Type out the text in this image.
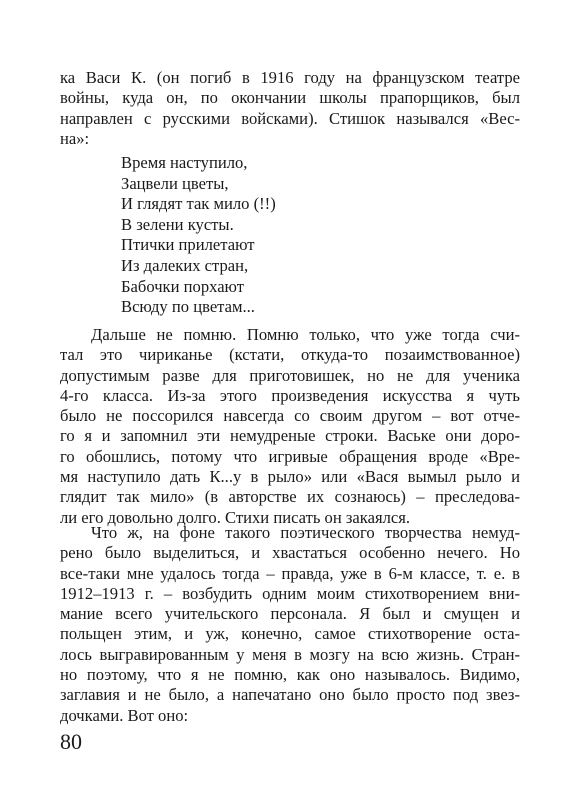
ка Васи К. (он погиб в 1916 году на французском театре
войны, куда он, по окончании школы прапорщиков, был
направлен с русскими войсками). Стишок назывался «Вес-
на»:
Время наступило,
Зацвели цветы,
И глядят так мило (!!)
В зелени кусты.
Птички прилетают
Из далеких стран,
Бабочки порхают
Всюду по цветам...
Дальше не помню. Помню только, что уже тогда счи-
тал это чириканье (кстати, откуда-то позаимствованное)
допустимым разве для приготовишек, но не для ученика
4-го класса. Из-за этого произведения искусства я чуть
было не поссорился навсегда со своим другом – вот отче-
го я и запомнил эти немудреные строки. Ваське они доро-
го обошлись, потому что игривые обращения вроде «Вре-
мя наступило дать К...у в рыло» или «Вася вымыл рыло и
глядит так мило» (в авторстве их сознаюсь) – преследова-
ли его довольно долго. Стихи писать он закаялся.
Что ж, на фоне такого поэтического творчества немуд-
рено было выделиться, и хвастаться особенно нечего. Но
все-таки мне удалось тогда – правда, уже в 6-м классе, т. е. в
1912–1913 г. – возбудить одним моим стихотворением вни-
мание всего учительского персонала. Я был и смущен и
польщен этим, и уж, конечно, самое стихотворение оста-
лось выгравированным у меня в мозгу на всю жизнь. Стран-
но поэтому, что я не помню, как оно называлось. Видимо,
заглавия и не было, а напечатано оно было просто под звез-
дочками. Вот оно:
80
